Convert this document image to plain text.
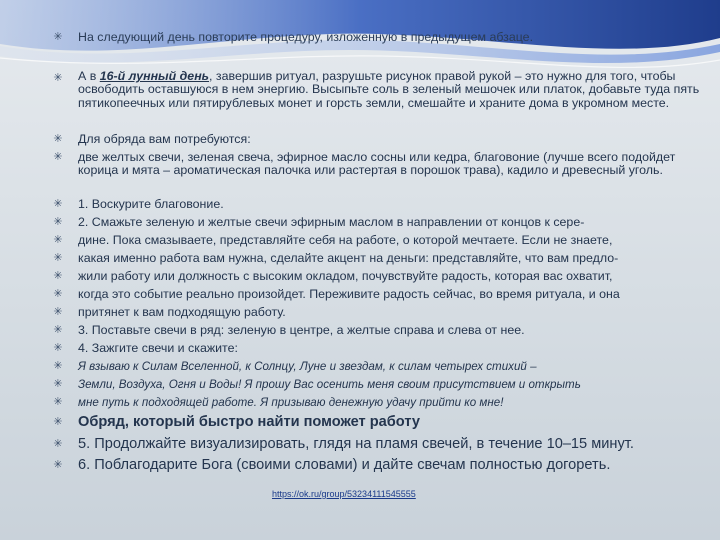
✳ На следующий день повторите процедуру, изложенную в предыдущем абзаце.
✳ А в 16-й лунный день, завершив ритуал, разрушьте рисунок правой рукой – это нужно для того, чтобы освободить оставшуюся в нем энергию. Высыпьте соль в зеленый мешочек или платок, добавьте туда пять пятикопеечных или пятирублевых монет и горсть земли, смешайте и храните дома в укромном месте.
✳ Для обряда вам потребуются:
✳ две желтых свечи, зеленая свеча, эфирное масло сосны или кедра, благовоние (лучше всего подойдет корица и мята – ароматическая палочка или растертая в порошок трава), кадило и древесный уголь.
✳ 1. Воскурите благовоние.
✳ 2. Смажьте зеленую и желтые свечи эфирным маслом в направлении от концов к сере-
✳ дине. Пока смазываете, представляйте себя на работе, о которой мечтаете. Если не знаете,
✳ какая именно работа вам нужна, сделайте акцент на деньги: представляйте, что вам предло-
✳ жили работу или должность с высоким окладом, почувствуйте радость, которая вас охватит,
✳ когда это событие реально произойдет. Переживите радость сейчас, во время ритуала, и она
✳ притянет к вам подходящую работу.
✳ 3. Поставьте свечи в ряд: зеленую в центре, а желтые справа и слева от нее.
✳ 4. Зажгите свечи и скажите:
✳ Я взываю к Силам Вселенной, к Солнцу, Луне и звездам, к силам четырех стихий –
✳ Земли, Воздуха, Огня и Воды! Я прошу Вас осенить меня своим присутствием и открыть
✳ мне путь к подходящей работе. Я призываю денежную удачу прийти ко мне!
✳ Обряд, который быстро найти поможет работу
✳ 5. Продолжайте визуализировать, глядя на пламя свечей, в течение 10–15 минут.
✳ 6. Поблагодарите Бога (своими словами) и дайте свечам полностью догореть.
https://ok.ru/group/53234111545555
